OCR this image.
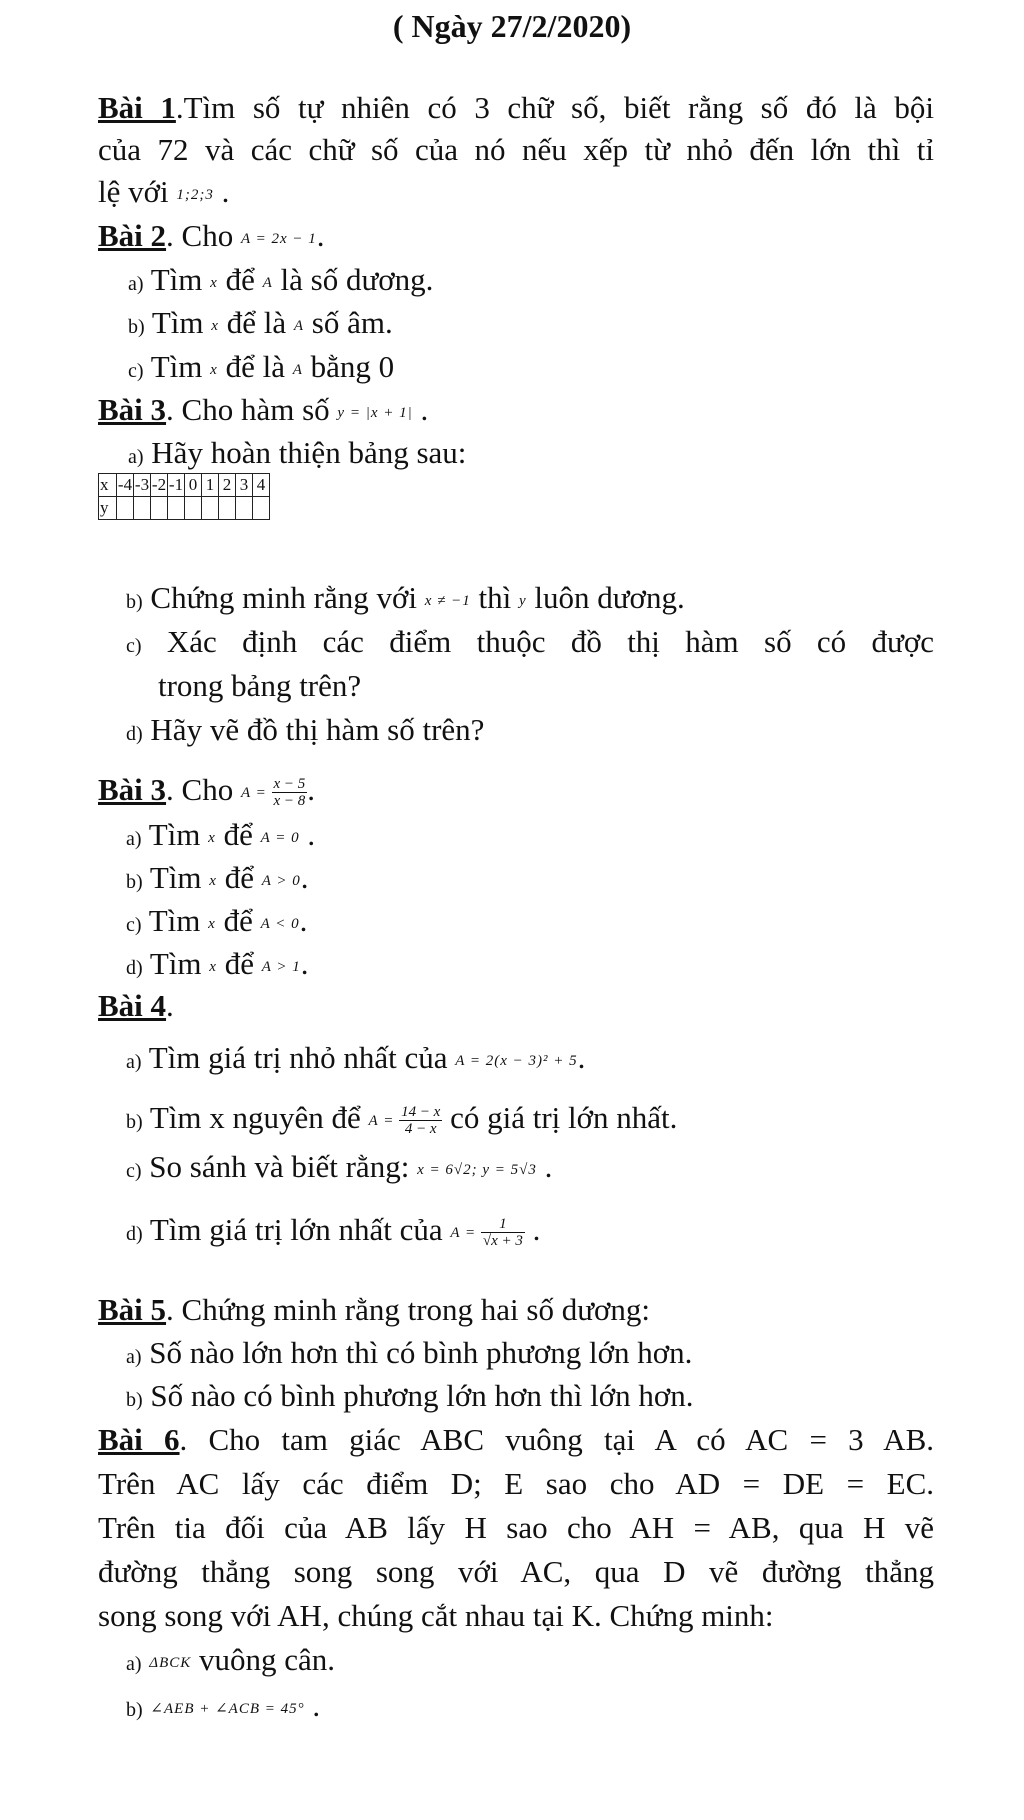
( Ngày 27/2/2020)
Bài 1.Tìm số tự nhiên có 3 chữ số, biết rằng số đó là bội
của 72 và các chữ số của nó nếu xếp từ nhỏ đến lớn thì tỉ
lệ với 1;2;3 .
Bài 2. Cho A = 2x − 1.
a) Tìm x để A là số dương.
b) Tìm x để là A số âm.
c) Tìm x để là A bằng 0
Bài 3. Cho hàm số y = |x + 1| .
a) Hãy hoàn thiện bảng sau:
x	-4	-3	-2	-1	0	1	2	3	4
y									
b) Chứng minh rằng với x ≠ −1 thì y luôn dương.
c) Xác định các điểm thuộc đồ thị hàm số có được
trong bảng trên?
d) Hãy vẽ đồ thị hàm số trên?
Bài 3. Cho $A = \frac{x - 5}{x - 8}$ .
a) Tìm x để A = 0 .
b) Tìm x để A > 0.
c) Tìm x để A < 0.
d) Tìm x để A > 1.
Bài 4.
a) Tìm giá trị nhỏ nhất của A = 2(x − 3)² + 5.
b) Tìm x nguyên để $A = \frac{14 - x}{4 - x}$ có giá trị lớn nhất.
c) So sánh và biết rằng: x = 6√2; y = 5√3 .
d) Tìm giá trị lớn nhất của $A = \frac{1}{√x + 3}$ .
Bài 5. Chứng minh rằng trong hai số dương:
a) Số nào lớn hơn thì có bình phương lớn hơn.
b) Số nào có bình phương lớn hơn thì lớn hơn.
Bài 6. Cho tam giác ABC vuông tại A có AC = 3 AB.
Trên AC lấy các điểm D; E sao cho AD = DE = EC.
Trên tia đối của AB lấy H sao cho AH = AB, qua H vẽ
đường thẳng song song với AC, qua D vẽ đường thẳng
song song với AH, chúng cắt nhau tại K. Chứng minh:
a) ΔBCK vuông cân.
b) ∠AEB + ∠ACB = 45° .
